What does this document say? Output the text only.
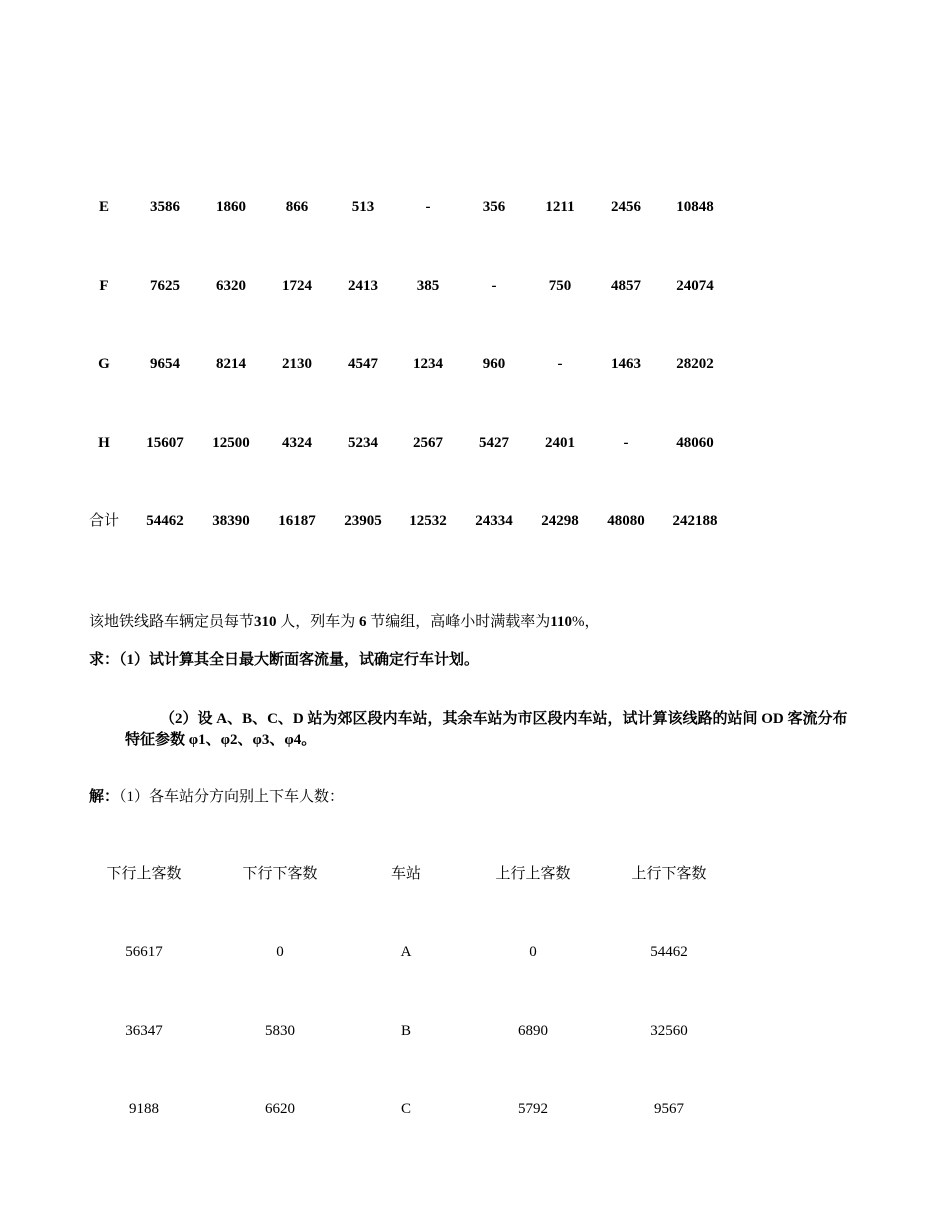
E	3586	1860	866	513	-	356	1211	2456	10848
F	7625	6320	1724	2413	385	-	750	4857	24074
G	9654	8214	2130	4547	1234	960	-	1463	28202
H	15607	12500	4324	5234	2567	5427	2401	-	48060
合计	54462	38390	16187	23905	12532	24334	24298	48080	242188
该地铁线路车辆定员每节310 人，列车为 6 节编组，高峰小时满载率为110%，
求：（1）试计算其全日最大断面客流量，试确定行车计划。
（2）设 A、B、C、D 站为郊区段内车站，其余车站为市区段内车站，试计算该线路的站间 OD 客流分布特征参数 φ1、φ2、φ3、φ4。
解：（1）各车站分方向别上下车人数：
下行上客数	下行下客数	车站	上行上客数	上行下客数
56617	0	A	0	54462
36347	5830	B	6890	32560
9188	6620	C	5792	9567
